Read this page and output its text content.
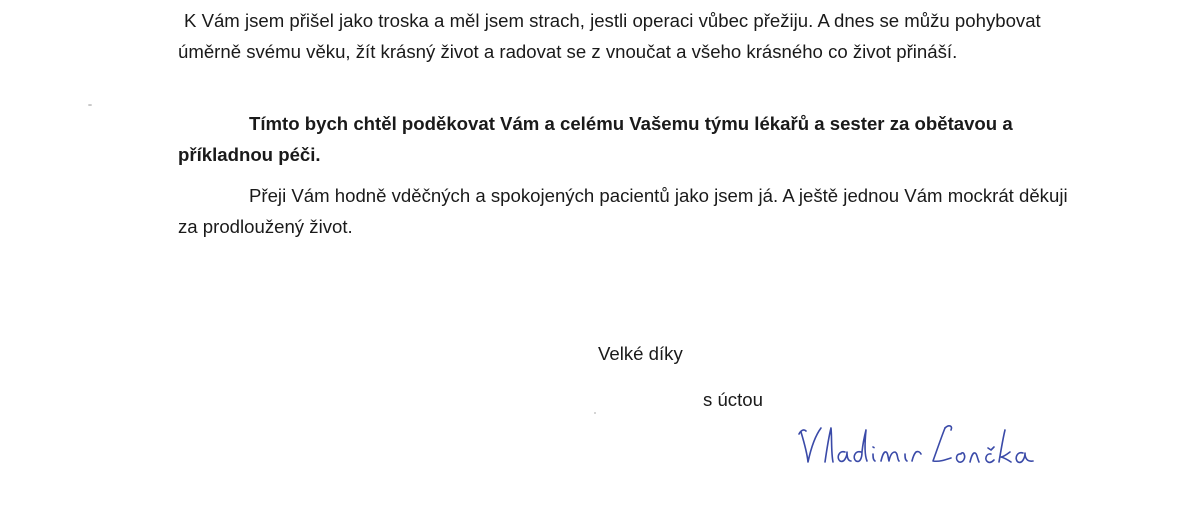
K Vám jsem přišel jako troska a měl jsem strach, jestli operaci vůbec přežiju. A dnes se můžu pohybovat úměrně svému věku, žít krásný život a radovat se z vnoučat a všeho krásného co život přináší.

Tímto bych chtěl poděkovat Vám a celému Vašemu týmu lékařů a sester za obětavou a příkladnou péči.

Přeji Vám hodně vděčných a spokojených pacientů jako jsem já. A ještě jednou Vám mockrát děkuji za prodloužený život.

Velké díky

s úctou
